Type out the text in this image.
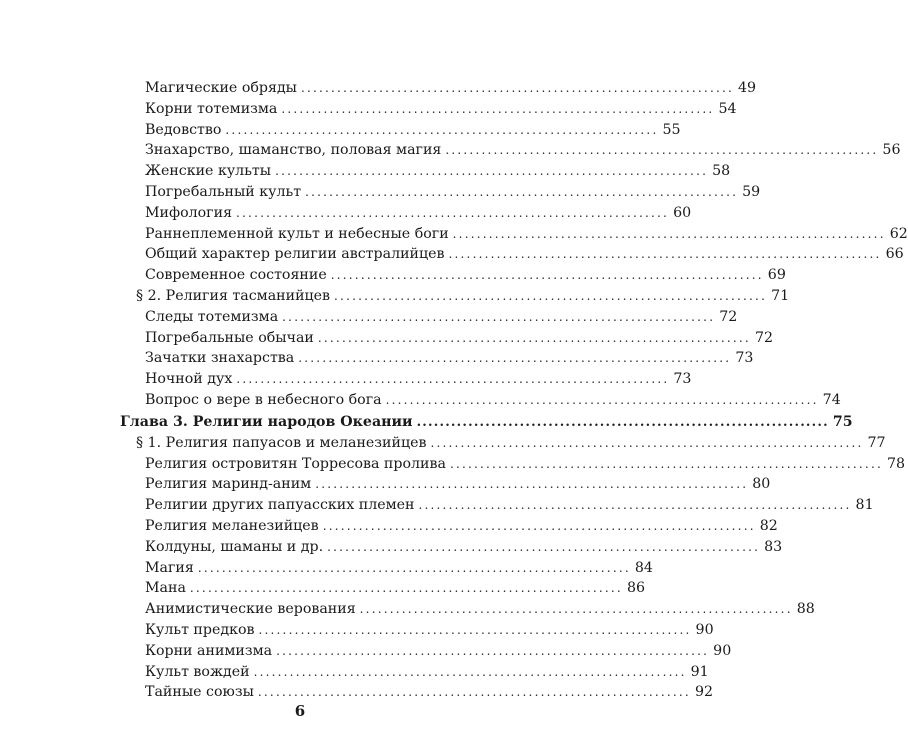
Магические обряды ........................................................................ 49
Корни тотемизма ........................................................................ 54
Ведовство ........................................................................ 55
Знахарство, шаманство, половая магия ........................................................................ 56
Женские культы ........................................................................ 58
Погребальный культ ........................................................................ 59
Мифология ........................................................................ 60
Раннеплеменной культ и небесные боги ........................................................................ 62
Общий характер религии австралийцев ........................................................................ 66
Современное состояние ........................................................................ 69
§ 2. Религия тасманийцев ........................................................................ 71
Следы тотемизма ........................................................................ 72
Погребальные обычаи ........................................................................ 72
Зачатки знахарства ........................................................................ 73
Ночной дух ........................................................................ 73
Вопрос о вере в небесного бога ........................................................................ 74
Глава 3. Религии народов Океании ........................................................................ 75
§ 1. Религия папуасов и меланезийцев ........................................................................ 77
Религия островитян Торресова пролива ........................................................................ 78
Религия маринд-аним ........................................................................ 80
Религии других папуасских племен ........................................................................ 81
Религия меланезийцев ........................................................................ 82
Колдуны, шаманы и др. ........................................................................ 83
Магия ........................................................................ 84
Мана ........................................................................ 86
Анимистические верования ........................................................................ 88
Культ предков ........................................................................ 90
Корни анимизма ........................................................................ 90
Культ вождей ........................................................................ 91
Тайные союзы ........................................................................ 92
6
